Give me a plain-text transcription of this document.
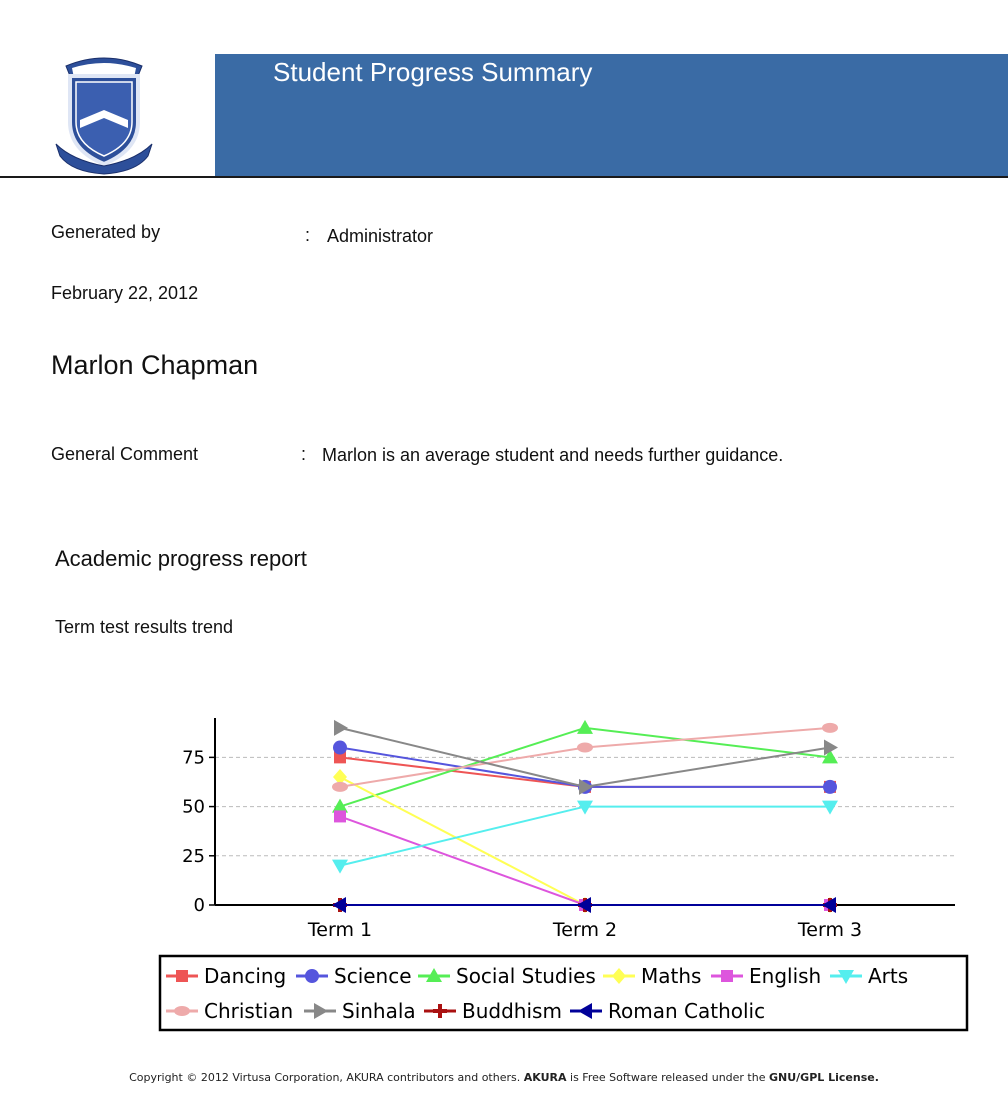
Student Progress Summary
Generated by	: Administrator
February 22, 2012
Marlon Chapman
General Comment	: Marlon is an average student and needs further guidance.
Academic progress report
Term test results trend
0
25
50
75
Term 1	Term 2	Term 3
Dancing Science Social Studies Maths English Arts
Christian Sinhala Buddhism Roman Catholic
Copyright © 2012 Virtusa Corporation, AKURA contributors and others. AKURA is Free Software released under the GNU/GPL License.
